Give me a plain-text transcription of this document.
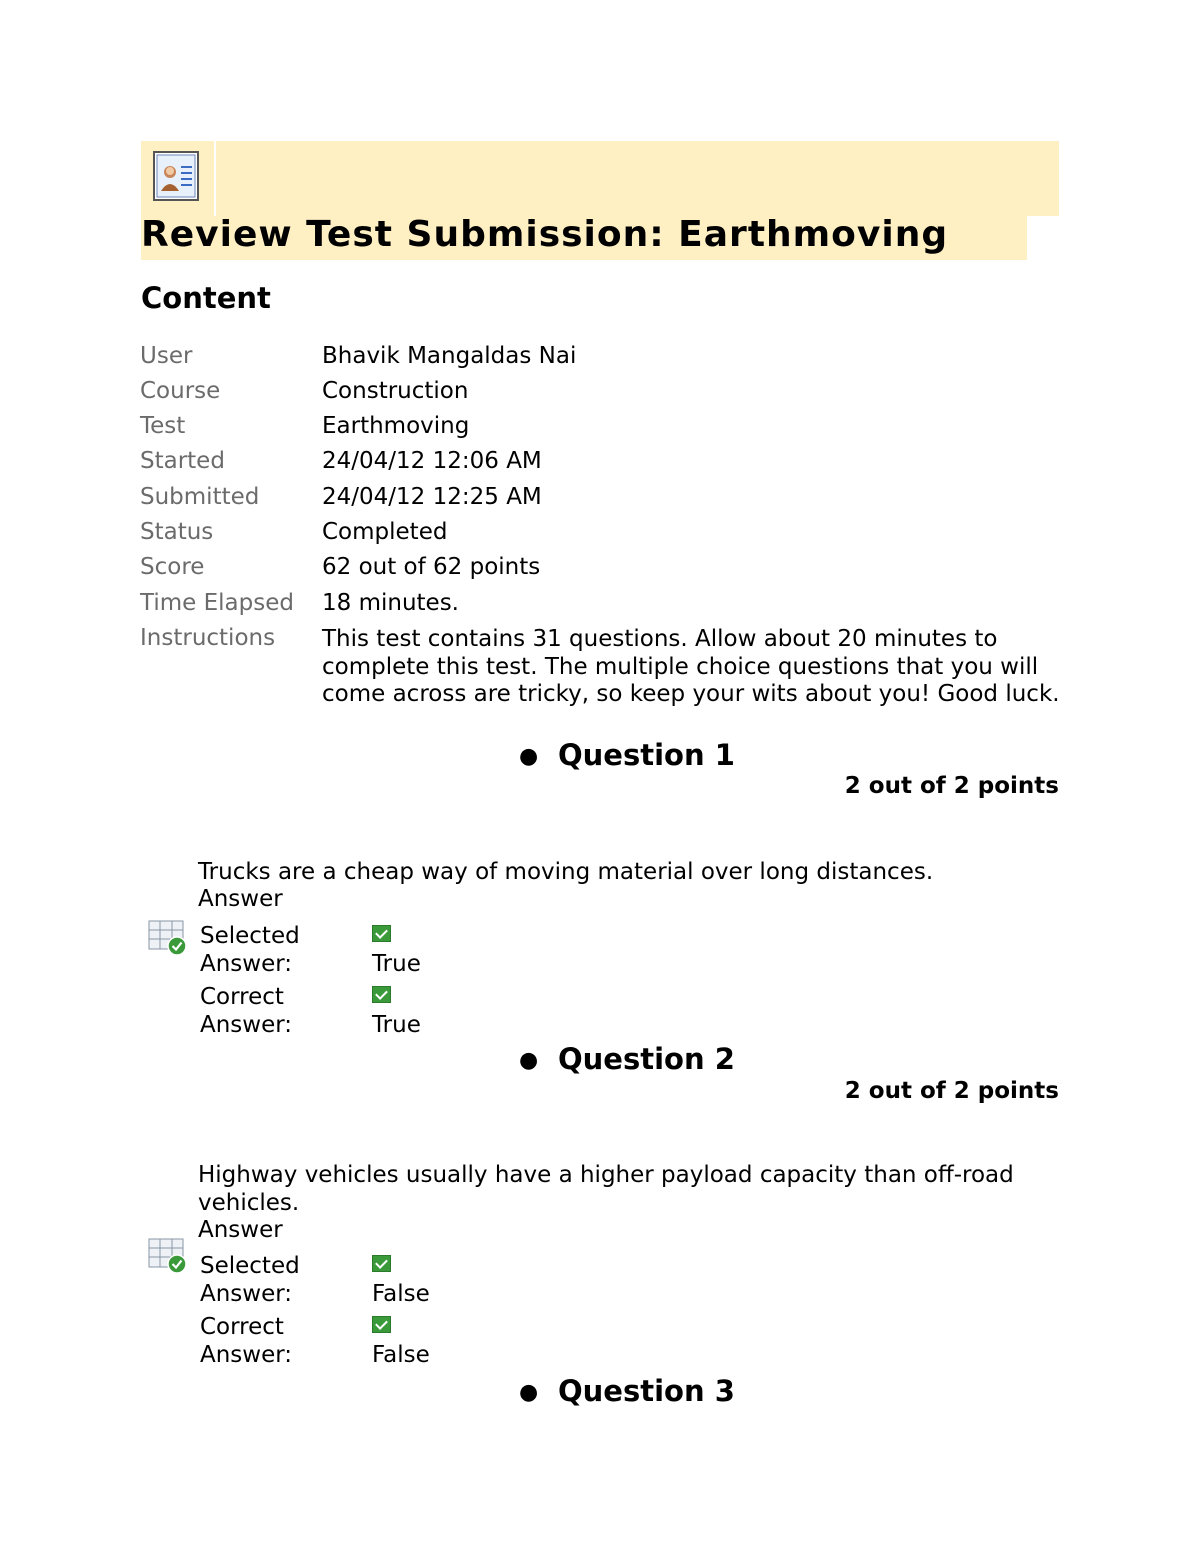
Review Test Submission: Earthmoving
Content
User	Bhavik Mangaldas Nai
Course	Construction
Test	Earthmoving
Started	24/04/12 12:06 AM
Submitted	24/04/12 12:25 AM
Status	Completed
Score	62 out of 62 points
Time Elapsed 18 minutes.
Instructions This test contains 31 questions. Allow about 20 minutes to complete this test. The multiple choice questions that you will come across are tricky, so keep your wits about you! Good luck.
● Question 1
2 out of 2 points
Trucks are a cheap way of moving material over long distances.
Answer
Selected Answer:	True
Correct Answer:	True
● Question 2
2 out of 2 points
Highway vehicles usually have a higher payload capacity than off-road vehicles.
Answer
Selected Answer:	False
Correct Answer:	False
● Question 3
